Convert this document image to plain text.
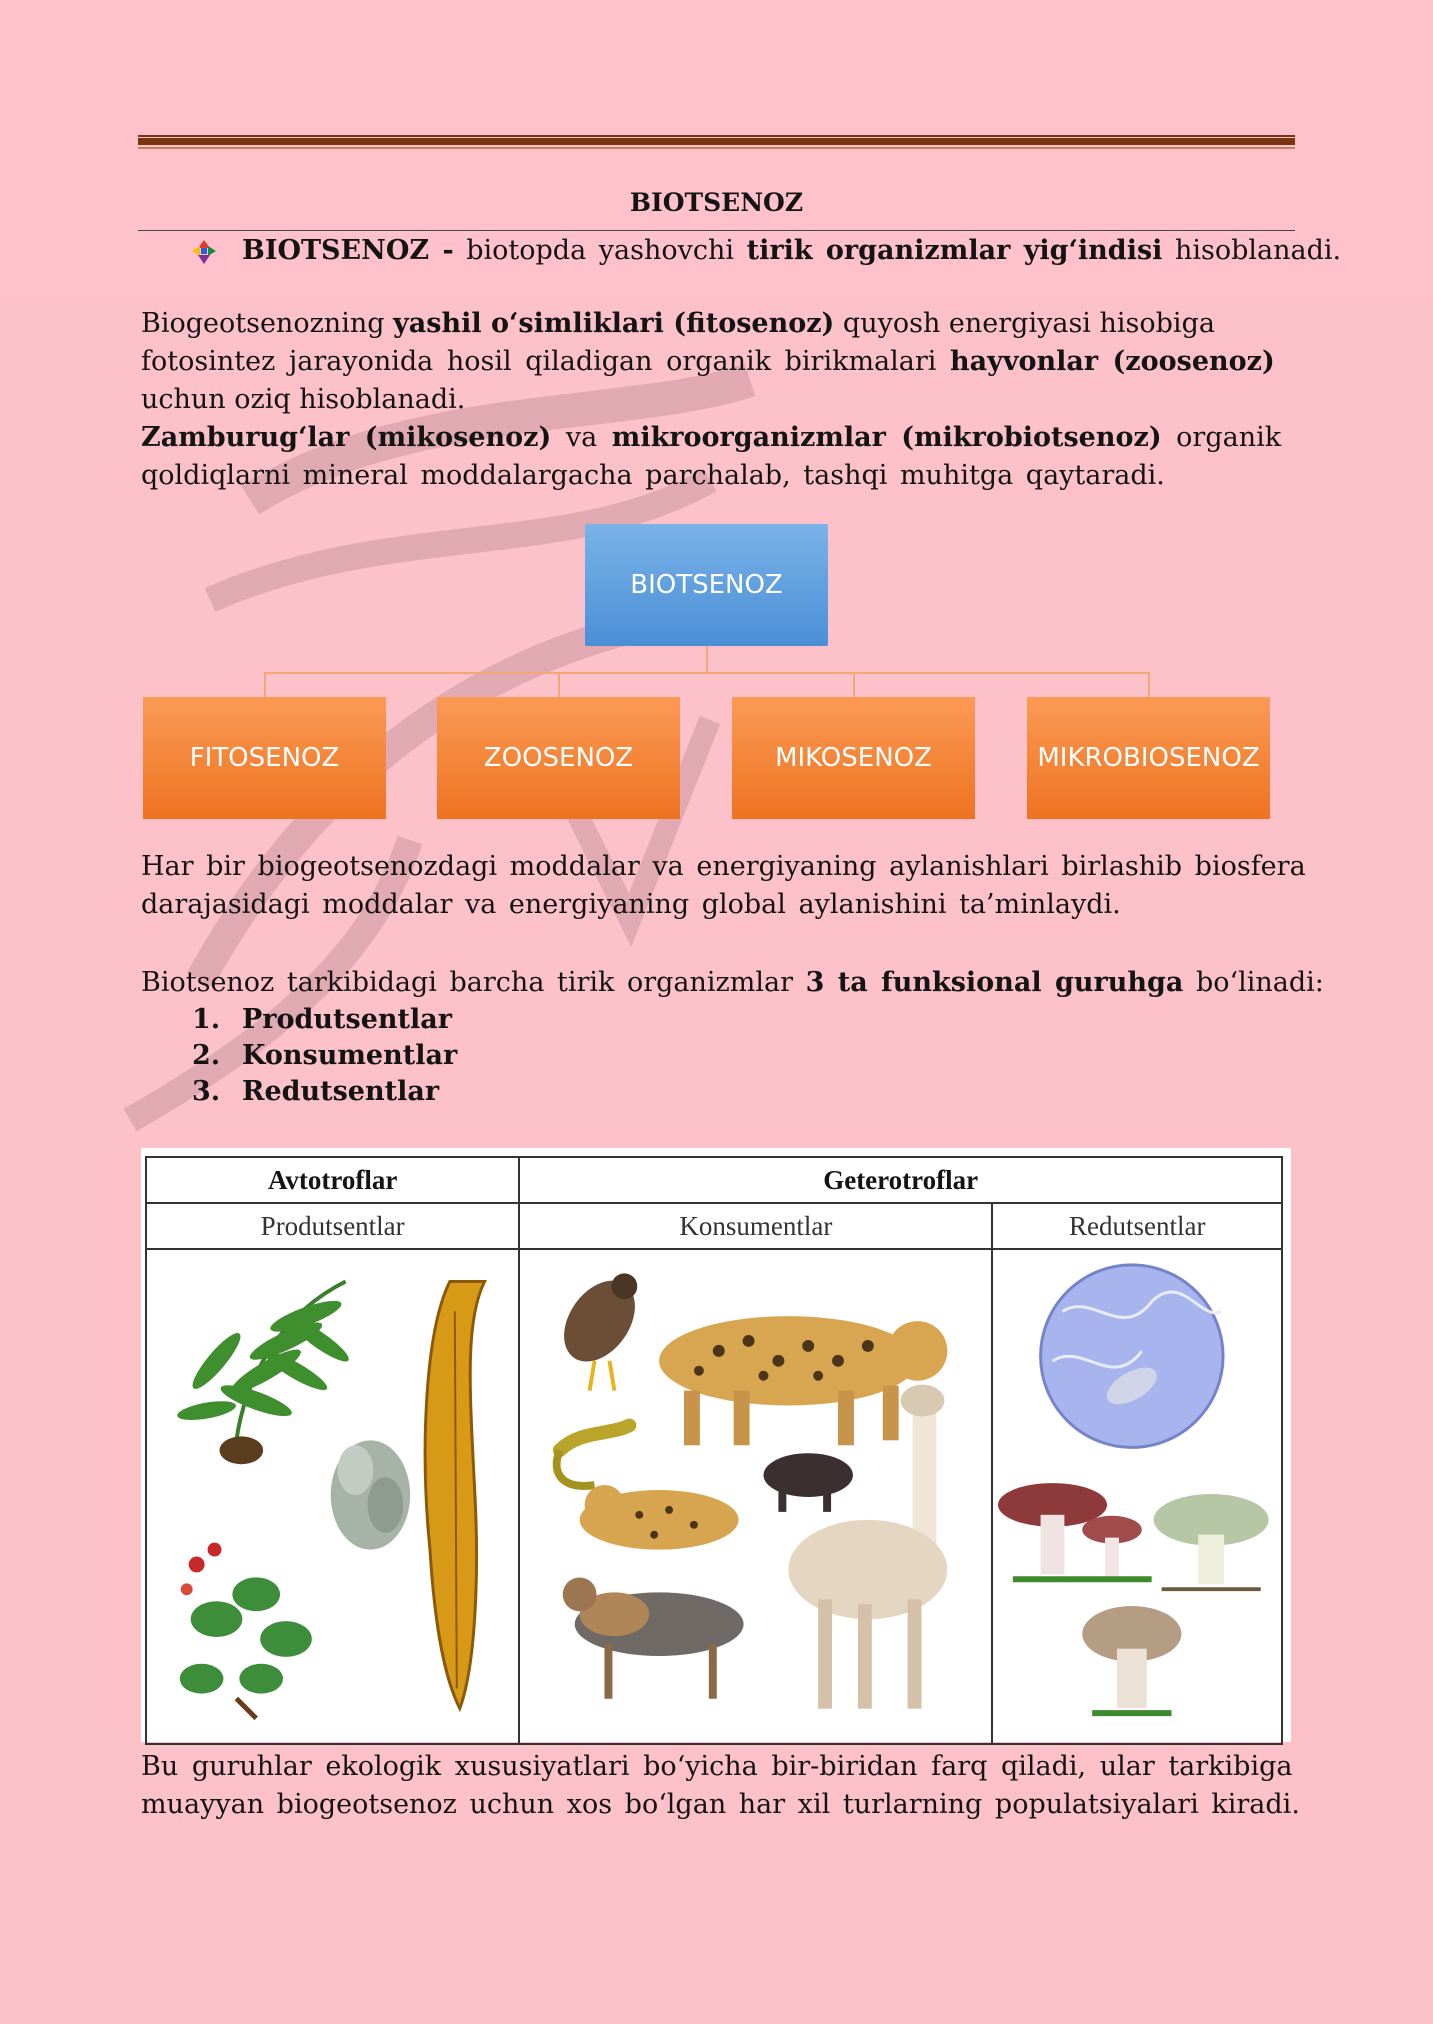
BIOTSENOZ
BIOTSENOZ - biotopda yashovchi tirik organizmlar yig‘indisi hisoblanadi.
Biogeotsenozning yashil o‘simliklari (fitosenoz) quyosh energiyasi hisobiga
fotosintez jarayonida hosil qiladigan organik birikmalari hayvonlar (zoosenoz)
uchun oziq hisoblanadi.
Zamburug‘lar (mikosenoz) va mikroorganizmlar (mikrobiotsenoz) organik
qoldiqlarni mineral moddalargacha parchalab, tashqi muhitga qaytaradi.
BIOTSENOZ
FITOSENOZ	ZOOSENOZ	MIKOSENOZ	MIKROBIOSENOZ
Har bir biogeotsenozdagi moddalar va energiyaning aylanishlari birlashib biosfera
darajasidagi moddalar va energiyaning global aylanishini ta’minlaydi.
Biotsenoz tarkibidagi barcha tirik organizmlar 3 ta funksional guruhga bo‘linadi:
1. Produtsentlar
2. Konsumentlar
3. Redutsentlar
Avtotroflar	Geterotroflar	
Produtsentlar	Konsumentlar	Redutsentlar

Bu guruhlar ekologik xususiyatlari bo‘yicha bir-biridan farq qiladi, ular tarkibiga
muayyan biogeotsenoz uchun xos bo‘lgan har xil turlarning populatsiyalari kiradi.
